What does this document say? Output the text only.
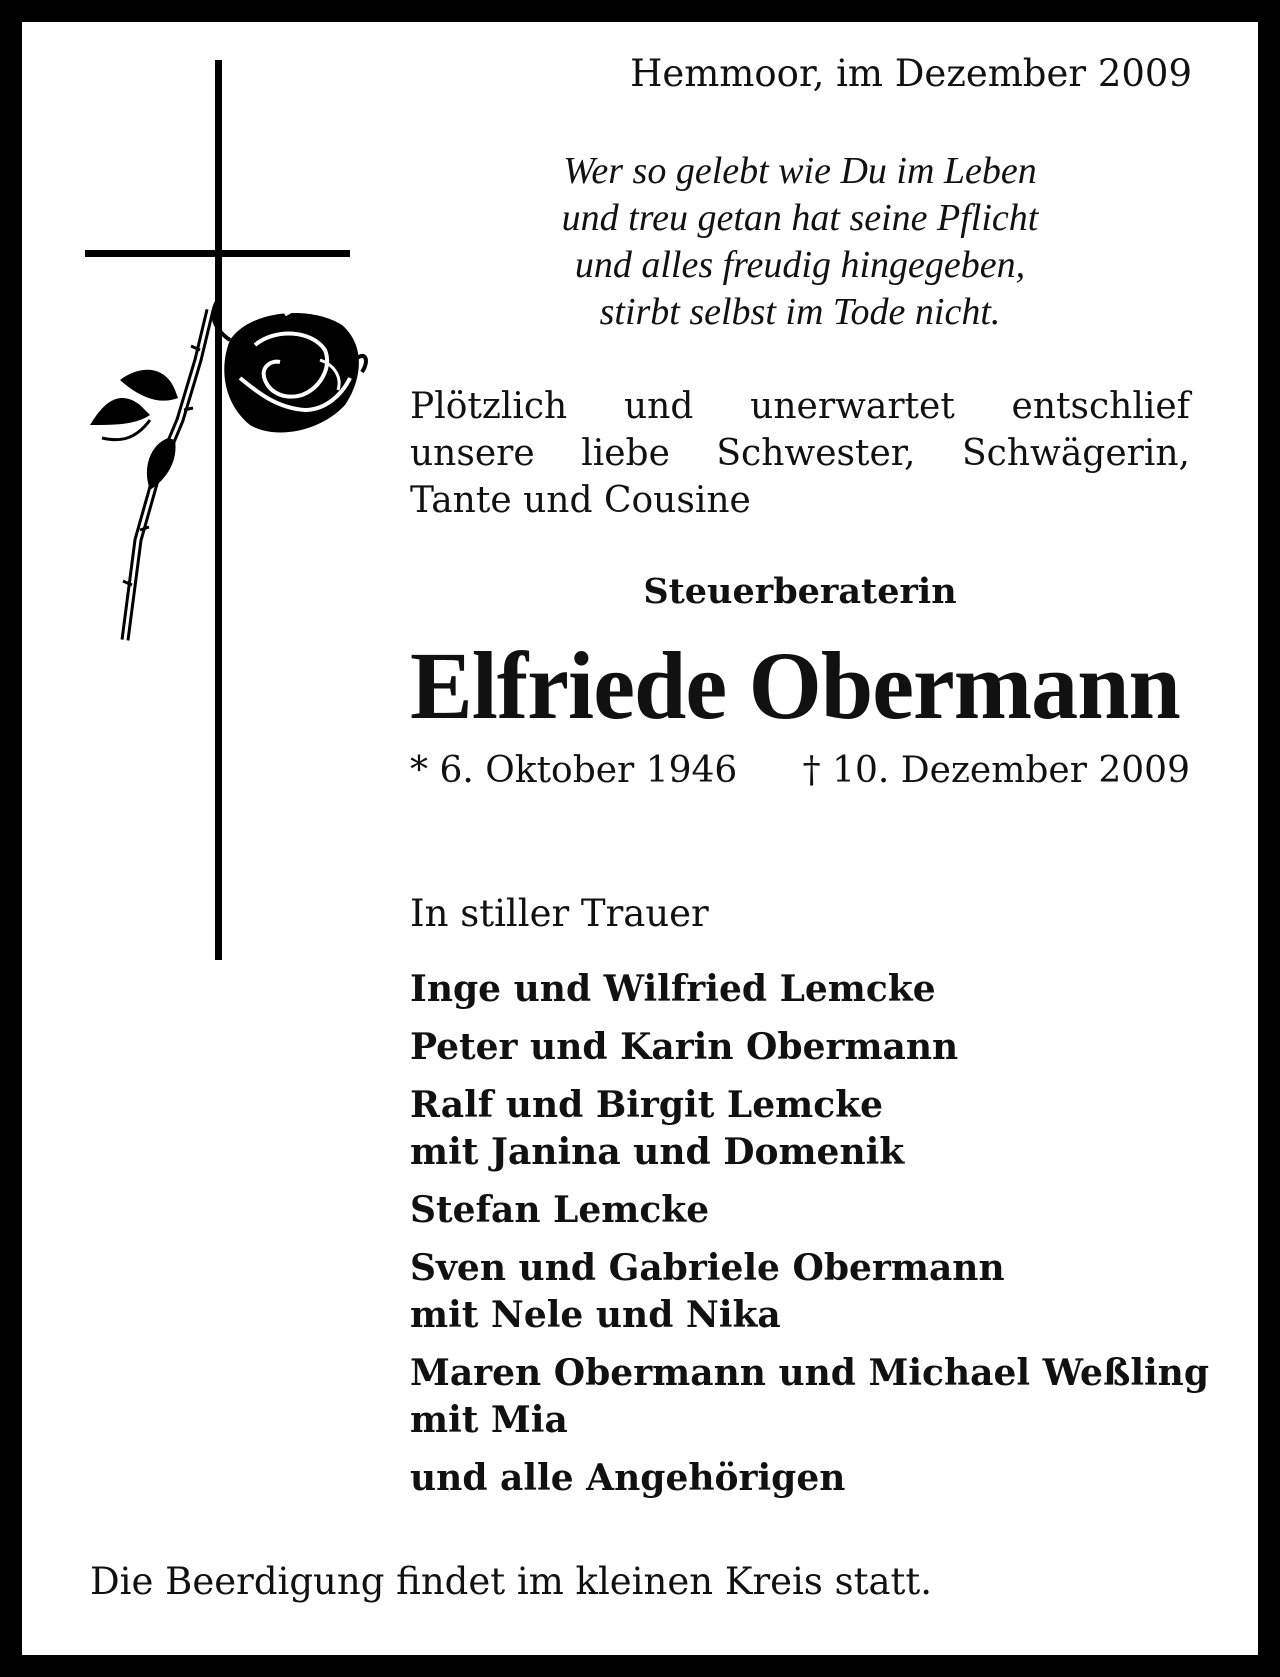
Hemmoor, im Dezember 2009
Wer so gelebt wie Du im Leben
und treu getan hat seine Pflicht
und alles freudig hingegeben,
stirbt selbst im Tode nicht.
Plötzlich und unerwartet entschlief
unsere liebe Schwester, Schwägerin,
Tante und Cousine
Steuerberaterin
Elfriede Obermann
* 6. Oktober 1946 † 10. Dezember 2009
In stiller Trauer
Inge und Wilfried Lemcke
Peter und Karin Obermann
Ralf und Birgit Lemcke
mit Janina und Domenik
Stefan Lemcke
Sven und Gabriele Obermann
mit Nele und Nika
Maren Obermann und Michael Weßling
mit Mia
und alle Angehörigen
Die Beerdigung findet im kleinen Kreis statt.
